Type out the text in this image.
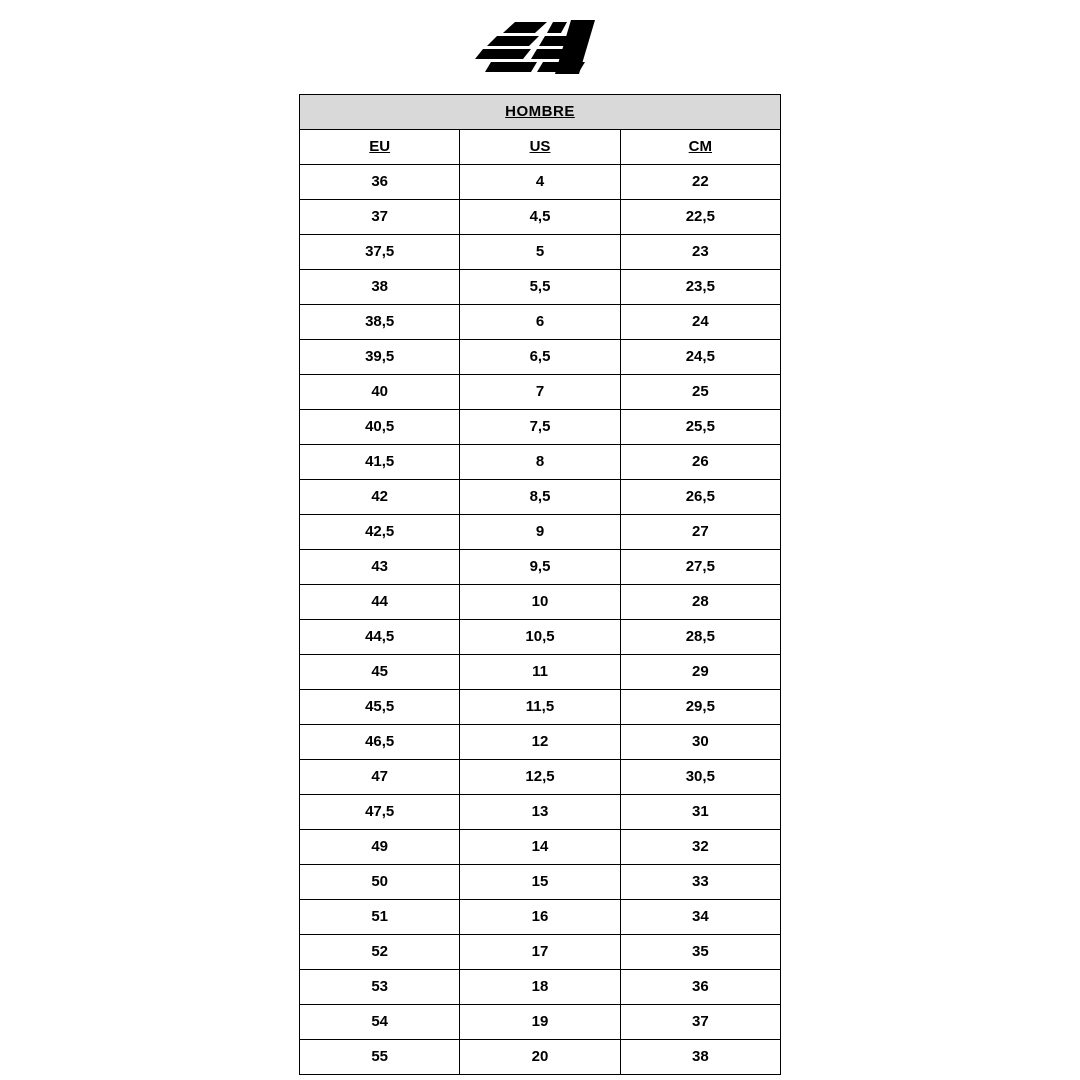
HOMBRE		
EU	US	CM
36	4	22
37	4,5	22,5
37,5	5	23
38	5,5	23,5
38,5	6	24
39,5	6,5	24,5
40	7	25
40,5	7,5	25,5
41,5	8	26
42	8,5	26,5
42,5	9	27
43	9,5	27,5
44	10	28
44,5	10,5	28,5
45	11	29
45,5	11,5	29,5
46,5	12	30
47	12,5	30,5
47,5	13	31
49	14	32
50	15	33
51	16	34
52	17	35
53	18	36
54	19	37
55	20	38
